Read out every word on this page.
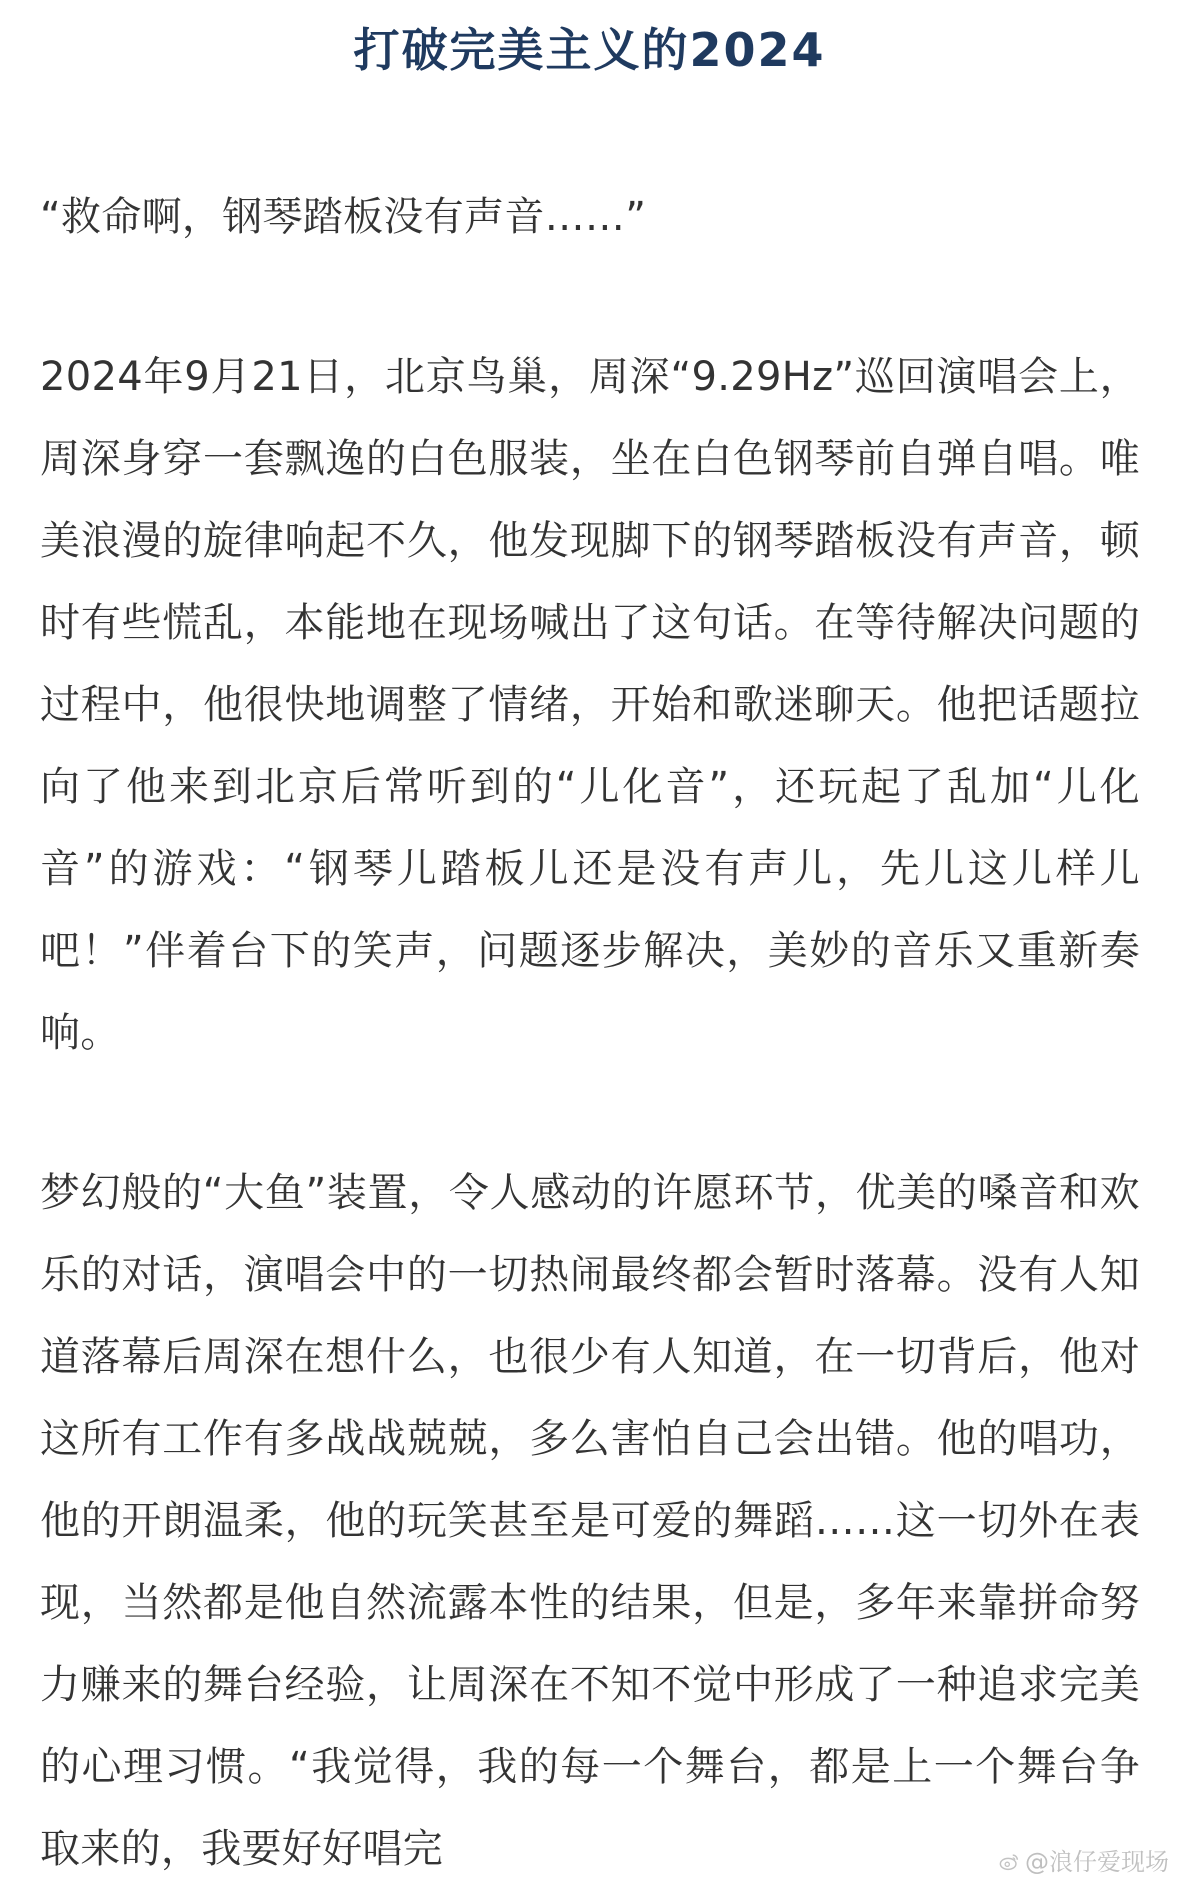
打破完美主义的2024

“救命啊，钢琴踏板没有声音……”

2024年9月21日，北京鸟巢，周深“9.29Hz”巡回演唱会上，周深身穿一套飘逸的白色服装，坐在白色钢琴前自弹自唱。唯美浪漫的旋律响起不久，他发现脚下的钢琴踏板没有声音，顿时有些慌乱，本能地在现场喊出了这句话。在等待解决问题的过程中，他很快地调整了情绪，开始和歌迷聊天。他把话题拉向了他来到北京后常听到的“儿化音”，还玩起了乱加“儿化音”的游戏：“钢琴儿踏板儿还是没有声儿，先儿这儿样儿吧！”伴着台下的笑声，问题逐步解决，美妙的音乐又重新奏响。

梦幻般的“大鱼”装置，令人感动的许愿环节，优美的嗓音和欢乐的对话，演唱会中的一切热闹最终都会暂时落幕。没有人知道落幕后周深在想什么，也很少有人知道，在一切背后，他对这所有工作有多战战兢兢，多么害怕自己会出错。他的唱功，他的开朗温柔，他的玩笑甚至是可爱的舞蹈……这一切外在表现，当然都是他自然流露本性的结果，但是，多年来靠拼命努力赚来的舞台经验，让周深在不知不觉中形成了一种追求完美的心理习惯。“我觉得，我的每一个舞台，都是上一个舞台争取来的，我要好好唱完	@浪仔爱现场
